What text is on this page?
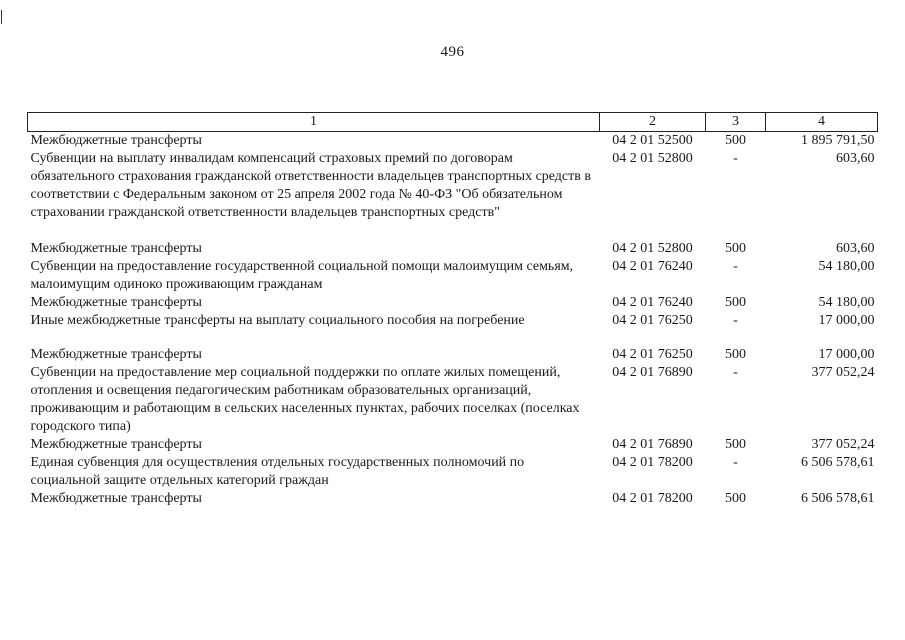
496
1	2	3	4
Межбюджетные трансферты	04 2 01 52500	500	1 895 791,50
Субвенции на выплату инвалидам компенсаций страховых премий по договорам обязательного страхования гражданской ответственности владельцев транспортных средств в соответствии с Федеральным законом от 25 апреля 2002 года № 40-ФЗ "Об обязательном страховании гражданской ответственности владельцев транспортных средств"	04 2 01 52800	-	603,60
Межбюджетные трансферты	04 2 01 52800	500	603,60
Субвенции на предоставление государственной социальной помощи малоимущим семьям, малоимущим одиноко проживающим гражданам	04 2 01 76240	-	54 180,00
Межбюджетные трансферты	04 2 01 76240	500	54 180,00
Иные межбюджетные трансферты на выплату социального пособия на погребение	04 2 01 76250	-	17 000,00
Межбюджетные трансферты	04 2 01 76250	500	17 000,00
Субвенции на предоставление мер социальной поддержки по оплате жилых помещений, отопления и освещения педагогическим работникам образовательных организаций, проживающим и работающим в сельских населенных пунктах, рабочих поселках (поселках городского типа)	04 2 01 76890	-	377 052,24
Межбюджетные трансферты	04 2 01 76890	500	377 052,24
Единая субвенция для осуществления отдельных государственных полномочий по социальной защите отдельных категорий граждан	04 2 01 78200	-	6 506 578,61
Межбюджетные трансферты	04 2 01 78200	500	6 506 578,61
